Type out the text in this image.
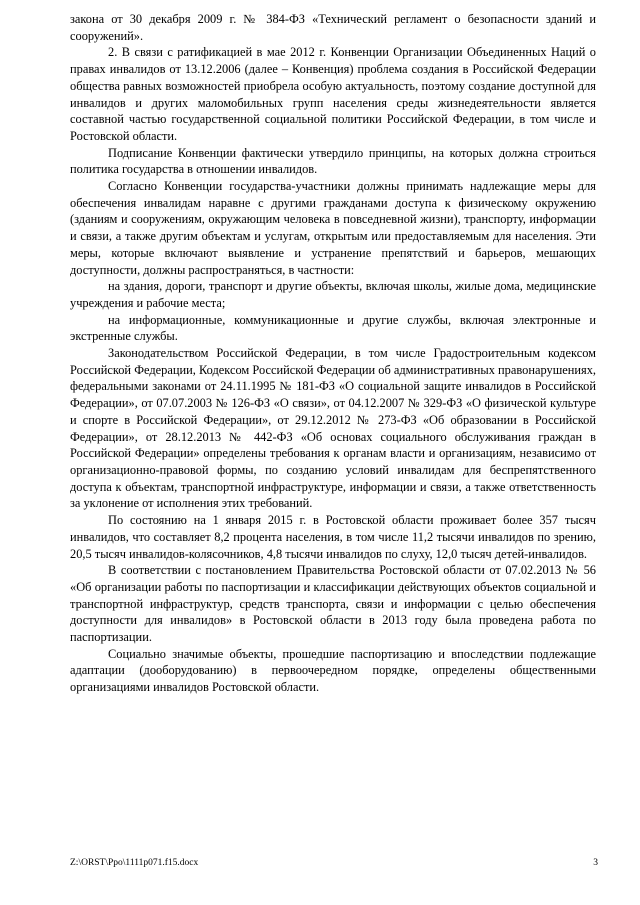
закона от 30 декабря 2009 г. № 384-ФЗ «Технический регламент о безопасности зданий и сооружений».

2. В связи с ратификацией в мае 2012 г. Конвенции Организации Объединенных Наций о правах инвалидов от 13.12.2006 (далее – Конвенция) проблема создания в Российской Федерации общества равных возможностей приобрела особую актуальность, поэтому создание доступной для инвалидов и других маломобильных групп населения среды жизнедеятельности является составной частью государственной социальной политики Российской Федерации, в том числе и Ростовской области.

Подписание Конвенции фактически утвердило принципы, на которых должна строиться политика государства в отношении инвалидов.

Согласно Конвенции государства-участники должны принимать надлежащие меры для обеспечения инвалидам наравне с другими гражданами доступа к физическому окружению (зданиям и сооружениям, окружающим человека в повседневной жизни), транспорту, информации и связи, а также другим объектам и услугам, открытым или предоставляемым для населения. Эти меры, которые включают выявление и устранение препятствий и барьеров, мешающих доступности, должны распространяться, в частности:

на здания, дороги, транспорт и другие объекты, включая школы, жилые дома, медицинские учреждения и рабочие места;

на информационные, коммуникационные и другие службы, включая электронные и экстренные службы.

Законодательством Российской Федерации, в том числе Градостроительным кодексом Российской Федерации, Кодексом Российской Федерации об административных правонарушениях, федеральными законами от 24.11.1995 № 181-ФЗ «О социальной защите инвалидов в Российской Федерации», от 07.07.2003 № 126-ФЗ «О связи», от 04.12.2007 № 329-ФЗ «О физической культуре и спорте в Российской Федерации», от 29.12.2012 № 273-ФЗ «Об образовании в Российской Федерации», от 28.12.2013 № 442-ФЗ «Об основах социального обслуживания граждан в Российской Федерации» определены требования к органам власти и организациям, независимо от организационно-правовой формы, по созданию условий инвалидам для беспрепятственного доступа к объектам, транспортной инфраструктуре, информации и связи, а также ответственность за уклонение от исполнения этих требований.

По состоянию на 1 января 2015 г. в Ростовской области проживает более 357 тысяч инвалидов, что составляет 8,2 процента населения, в том числе 11,2 тысячи инвалидов по зрению, 20,5 тысяч инвалидов-колясочников, 4,8 тысячи инвалидов по слуху, 12,0 тысяч детей-инвалидов.

В соответствии с постановлением Правительства Ростовской области от 07.02.2013 № 56 «Об организации работы по паспортизации и классификации действующих объектов социальной и транспортной инфраструктур, средств транспорта, связи и информации с целью обеспечения доступности для инвалидов» в Ростовской области в 2013 году была проведена работа по паспортизации.

Социально значимые объекты, прошедшие паспортизацию и впоследствии подлежащие адаптации (дооборудованию) в первоочередном порядке, определены общественными организациями инвалидов Ростовской области.

Z:\ORST\Ppo\1111p071.f15.docx	3
